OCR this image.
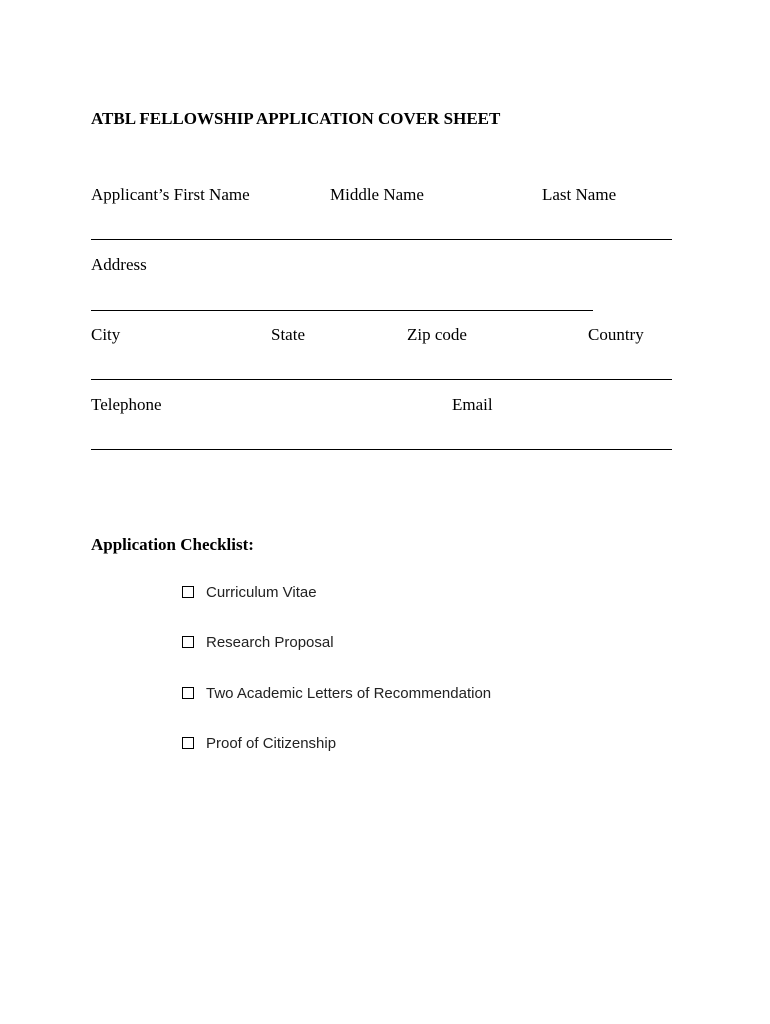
ATBL FELLOWSHIP APPLICATION COVER SHEET
Applicant’s First Name	Middle Name	Last Name
Address
City	State	Zip code	Country
Telephone	Email
Application Checklist:
Curriculum Vitae
Research Proposal
Two Academic Letters of Recommendation
Proof of Citizenship
